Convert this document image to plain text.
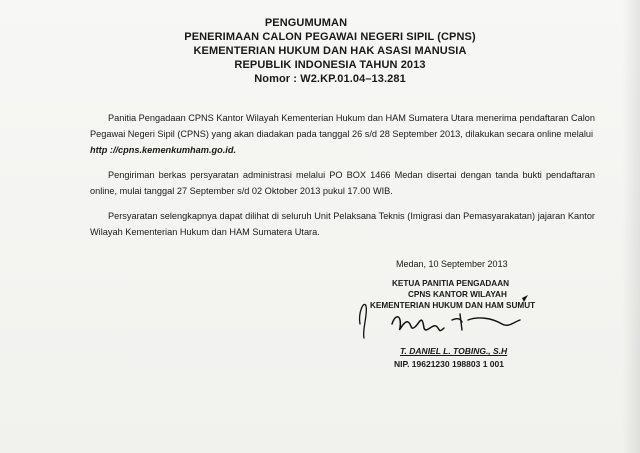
PENGUMUMAN
PENERIMAAN CALON PEGAWAI NEGERI SIPIL (CPNS)
KEMENTERIAN HUKUM DAN HAK ASASI MANUSIA
REPUBLIK INDONESIA TAHUN 2013
Nomor : W2.KP.01.04–13.281

Panitia Pengadaan CPNS Kantor Wilayah Kementerian Hukum dan HAM Sumatera Utara menerima pendaftaran Calon Pegawai Negeri Sipil (CPNS) yang akan diadakan pada tanggal 26 s/d 28 September 2013, dilakukan secara online melalui
http ://cpns.kemenkumham.go.id.

Pengiriman berkas persyaratan administrasi melalui PO BOX 1466 Medan disertai dengan tanda bukti pendaftaran online, mulai tanggal 27 September s/d 02 Oktober 2013 pukul 17.00 WIB.

Persyaratan selengkapnya dapat dilihat di seluruh Unit Pelaksana Teknis (Imigrasi dan Pemasyarakatan) jajaran Kantor Wilayah Kementerian Hukum dan HAM Sumatera Utara.

Medan, 10 September 2013
KETUA PANITIA PENGADAAN
CPNS KANTOR WILAYAH
KEMENTERIAN HUKUM DAN HAM SUMUT
T. DANIEL L. TOBING., S.H
NIP. 19621230 198803 1 001
